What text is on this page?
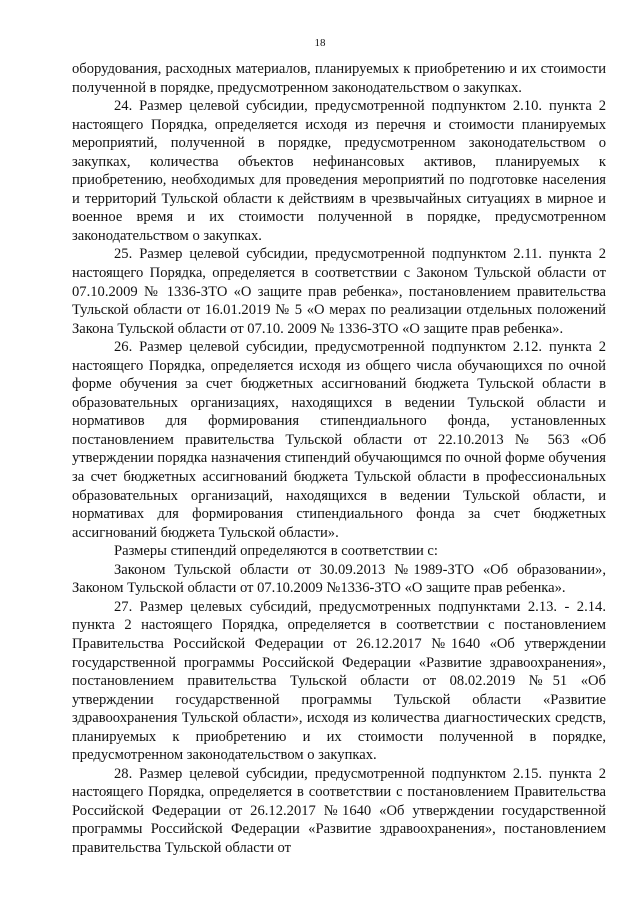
18

оборудования, расходных материалов, планируемых к приобретению и их стоимости полученной в порядке, предусмотренном законодательством о закупках.

24. Размер целевой субсидии, предусмотренной подпунктом 2.10. пункта 2 настоящего Порядка, определяется исходя из перечня и стоимости планируемых мероприятий, полученной в порядке, предусмотренном законодательством о закупках, количества объектов нефинансовых активов, планируемых к приобретению, необходимых для проведения мероприятий по подготовке населения и территорий Тульской области к действиям в чрезвычайных ситуациях в мирное и военное время и их стоимости полученной в порядке, предусмотренном законодательством о закупках.

25. Размер целевой субсидии, предусмотренной подпунктом 2.11. пункта 2 настоящего Порядка, определяется в соответствии с Законом Тульской области от 07.10.2009 № 1336-ЗТО «О защите прав ребенка», постановлением правительства Тульской области от 16.01.2019 № 5 «О мерах по реализации отдельных положений Закона Тульской области от 07.10. 2009 № 1336-ЗТО «О защите прав ребенка».

26. Размер целевой субсидии, предусмотренной подпунктом 2.12. пункта 2 настоящего Порядка, определяется исходя из общего числа обучающихся по очной форме обучения за счет бюджетных ассигнований бюджета Тульской области в образовательных организациях, находящихся в ведении Тульской области и нормативов для формирования стипендиального фонда, установленных постановлением правительства Тульской области от 22.10.2013 № 563 «Об утверждении порядка назначения стипендий обучающимся по очной форме обучения за счет бюджетных ассигнований бюджета Тульской области в профессиональных образовательных организаций, находящихся в ведении Тульской области, и нормативах для формирования стипендиального фонда за счет бюджетных ассигнований бюджета Тульской области».

Размеры стипендий определяются в соответствии с:

Законом Тульской области от 30.09.2013 №1989-ЗТО «Об образовании», Законом Тульской области от 07.10.2009 №1336-ЗТО «О защите прав ребенка».

27. Размер целевых субсидий, предусмотренных подпунктами 2.13. - 2.14. пункта 2 настоящего Порядка, определяется в соответствии с постановлением Правительства Российской Федерации от 26.12.2017 №1640 «Об утверждении государственной программы Российской Федерации «Развитие здравоохранения», постановлением правительства Тульской области от 08.02.2019 №51 «Об утверждении государственной программы Тульской области «Развитие здравоохранения Тульской области», исходя из количества диагностических средств, планируемых к приобретению и их стоимости полученной в порядке, предусмотренном законодательством о закупках.

28. Размер целевой субсидии, предусмотренной подпунктом 2.15. пункта 2 настоящего Порядка, определяется в соответствии с постановлением Правительства Российской Федерации от 26.12.2017 №1640 «Об утверждении государственной программы Российской Федерации «Развитие здравоохранения», постановлением правительства Тульской области от
